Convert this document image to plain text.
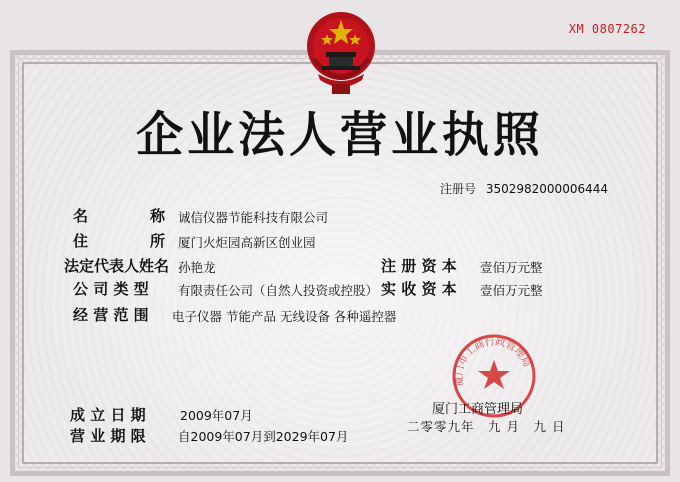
XM 0807262
企业法人营业执照
注册号 3502982000006444
名	称 诚信仪器节能科技有限公司
住	所 厦门火炬园高新区创业园
法定代表人姓名 孙艳龙	注 册 资 本 壹佰万元整
公 司 类 型 有限责任公司（自然人投资或控股） 实 收 资 本 壹佰万元整
经 营 范 围 电子仪器 节能产品 无线设备 各种遥控器
厦门市工商行政管理局
成 立 日 期	2009年07月
营 业 期 限	自2009年07月到2029年07月
厦门工商管理局
二零零九年　九 月　九 日
